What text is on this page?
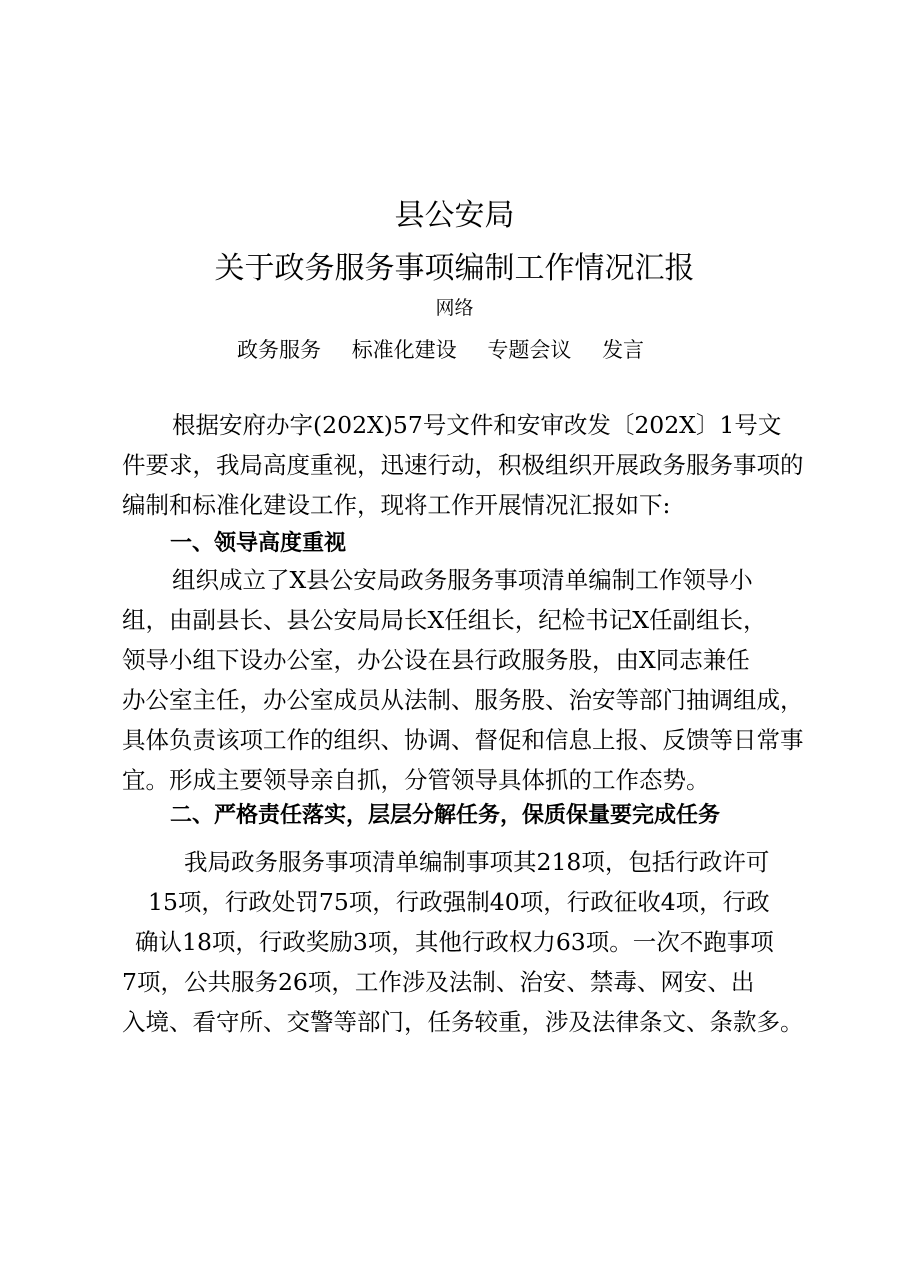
县公安局
关于政务服务事项编制工作情况汇报
网络
政务服务 标准化建设 专题会议 发言
根据安府办字(202X)57号文件和安审改发〔202X〕1号文
件要求，我局高度重视，迅速行动，积极组织开展政务服务事项的
编制和标准化建设工作，现将工作开展情况汇报如下:
一、领导高度重视
组织成立了X县公安局政务服务事项清单编制工作领导小
组，由副县长、县公安局局长X任组长，纪检书记X任副组长，
领导小组下设办公室，办公设在县行政服务股，由X同志兼任
办公室主任，办公室成员从法制、服务股、治安等部门抽调组成，
具体负责该项工作的组织、协调、督促和信息上报、反馈等日常事
宜。形成主要领导亲自抓，分管领导具体抓的工作态势。
二、严格责任落实，层层分解任务，保质保量要完成任务
我局政务服务事项清单编制事项其218项，包括行政许可
15项，行政处罚75项，行政强制40项，行政征收4项，行政
确认18项，行政奖励3项，其他行政权力63项。一次不跑事项
7项，公共服务26项，工作涉及法制、治安、禁毒、网安、出
入境、看守所、交警等部门，任务较重，涉及法律条文、条款多。
